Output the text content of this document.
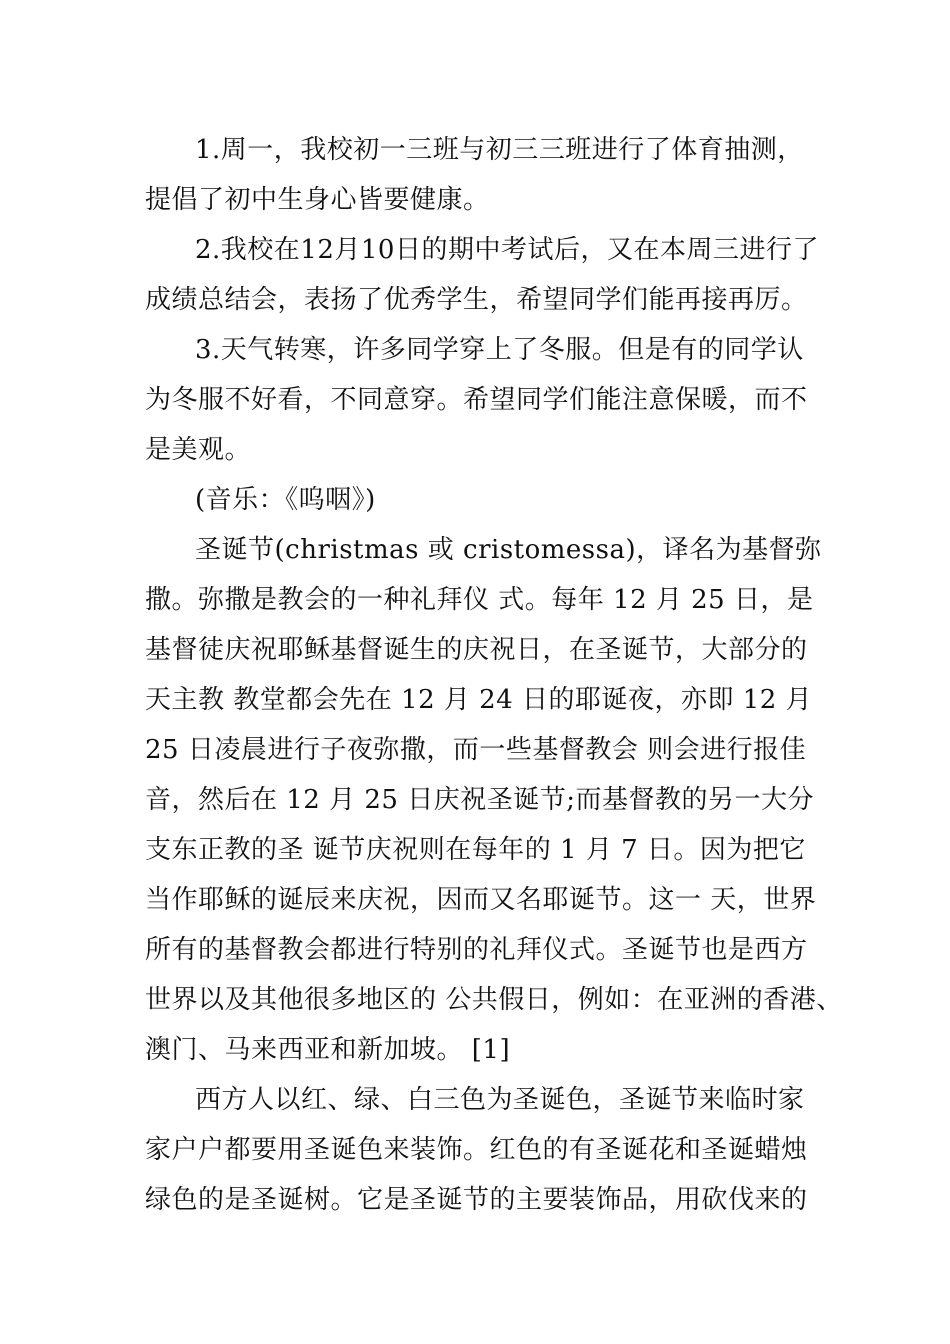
1.周一，我校初一三班与初三三班进行了体育抽测，
提倡了初中生身心皆要健康。
2.我校在12月10日的期中考试后，又在本周三进行了
成绩总结会，表扬了优秀学生，希望同学们能再接再厉。
3.天气转寒，许多同学穿上了冬服。但是有的同学认
为冬服不好看，不同意穿。希望同学们能注意保暖，而不
是美观。
(音乐：《呜咽》)
圣诞节(christmas 或 cristomessa)，译名为基督弥
撒。弥撒是教会的一种礼拜仪 式。每年 12 月 25 日，是
基督徒庆祝耶稣基督诞生的庆祝日，在圣诞节，大部分的
天主教 教堂都会先在 12 月 24 日的耶诞夜，亦即 12 月
25 日凌晨进行子夜弥撒，而一些基督教会 则会进行报佳
音，然后在 12 月 25 日庆祝圣诞节;而基督教的另一大分
支东正教的圣 诞节庆祝则在每年的 1 月 7 日。因为把它
当作耶稣的诞辰来庆祝，因而又名耶诞节。这一 天，世界
所有的基督教会都进行特别的礼拜仪式。圣诞节也是西方
世界以及其他很多地区的 公共假日，例如：在亚洲的香港、
澳门、马来西亚和新加坡。 [1]
西方人以红、绿、白三色为圣诞色，圣诞节来临时家
家户户都要用圣诞色来装饰。红色的有圣诞花和圣诞蜡烛
绿色的是圣诞树。它是圣诞节的主要装饰品，用砍伐来的
